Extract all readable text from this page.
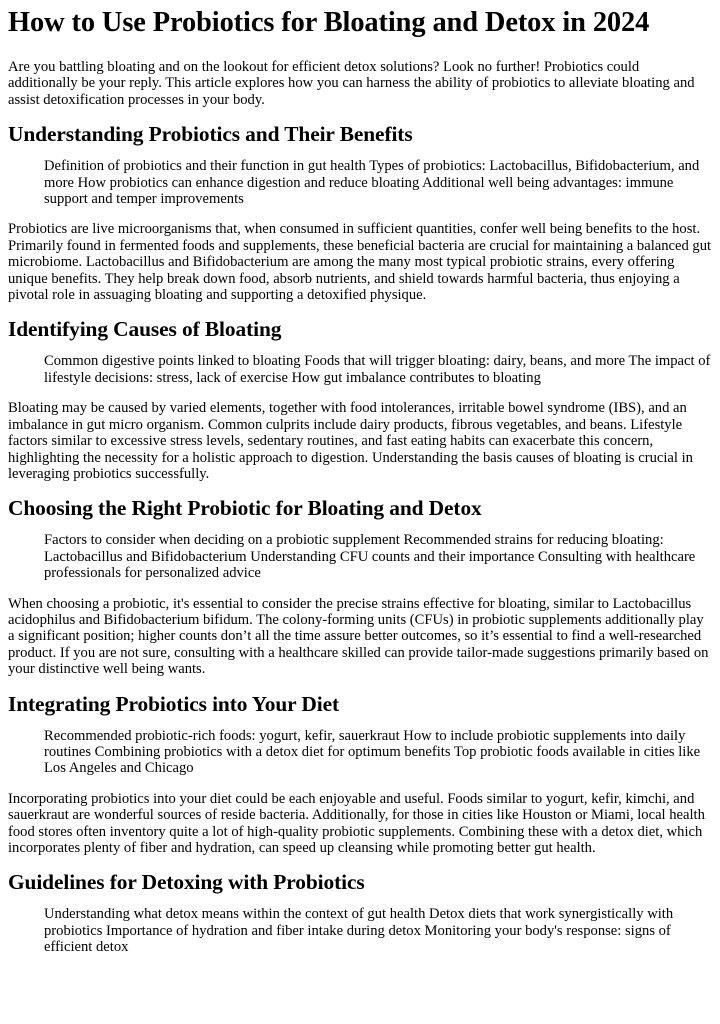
How to Use Probiotics for Bloating and Detox in 2024

Are you battling bloating and on the lookout for efficient detox solutions? Look no further! Probiotics could additionally be your reply. This article explores how you can harness the ability of probiotics to alleviate bloating and assist detoxification processes in your body.

Understanding Probiotics and Their Benefits
Definition of probiotics and their function in gut health Types of probiotics: Lactobacillus, Bifidobacterium, and more How probiotics can enhance digestion and reduce bloating Additional well being advantages: immune support and temper improvements

Probiotics are live microorganisms that, when consumed in sufficient quantities, confer well being benefits to the host. Primarily found in fermented foods and supplements, these beneficial bacteria are crucial for maintaining a balanced gut microbiome. Lactobacillus and Bifidobacterium are among the many most typical probiotic strains, every offering unique benefits. They help break down food, absorb nutrients, and shield towards harmful bacteria, thus enjoying a pivotal role in assuaging bloating and supporting a detoxified physique.

Identifying Causes of Bloating
Common digestive points linked to bloating Foods that will trigger bloating: dairy, beans, and more The impact of lifestyle decisions: stress, lack of exercise How gut imbalance contributes to bloating

Bloating may be caused by varied elements, together with food intolerances, irritable bowel syndrome (IBS), and an imbalance in gut micro organism. Common culprits include dairy products, fibrous vegetables, and beans. Lifestyle factors similar to excessive stress levels, sedentary routines, and fast eating habits can exacerbate this concern, highlighting the necessity for a holistic approach to digestion. Understanding the basis causes of bloating is crucial in leveraging probiotics successfully.

Choosing the Right Probiotic for Bloating and Detox
Factors to consider when deciding on a probiotic supplement Recommended strains for reducing bloating: Lactobacillus and Bifidobacterium Understanding CFU counts and their importance Consulting with healthcare professionals for personalized advice

When choosing a probiotic, it's essential to consider the precise strains effective for bloating, similar to Lactobacillus acidophilus and Bifidobacterium bifidum. The colony-forming units (CFUs) in probiotic supplements additionally play a significant position; higher counts don’t all the time assure better outcomes, so it’s essential to find a well-researched product. If you are not sure, consulting with a healthcare skilled can provide tailor-made suggestions primarily based on your distinctive well being wants.

Integrating Probiotics into Your Diet
Recommended probiotic-rich foods: yogurt, kefir, sauerkraut How to include probiotic supplements into daily routines Combining probiotics with a detox diet for optimum benefits Top probiotic foods available in cities like Los Angeles and Chicago

Incorporating probiotics into your diet could be each enjoyable and useful. Foods similar to yogurt, kefir, kimchi, and sauerkraut are wonderful sources of reside bacteria. Additionally, for those in cities like Houston or Miami, local health food stores often inventory quite a lot of high-quality probiotic supplements. Combining these with a detox diet, which incorporates plenty of fiber and hydration, can speed up cleansing while promoting better gut health.

Guidelines for Detoxing with Probiotics
Understanding what detox means within the context of gut health Detox diets that work synergistically with probiotics Importance of hydration and fiber intake during detox Monitoring your body's response: signs of efficient detox
